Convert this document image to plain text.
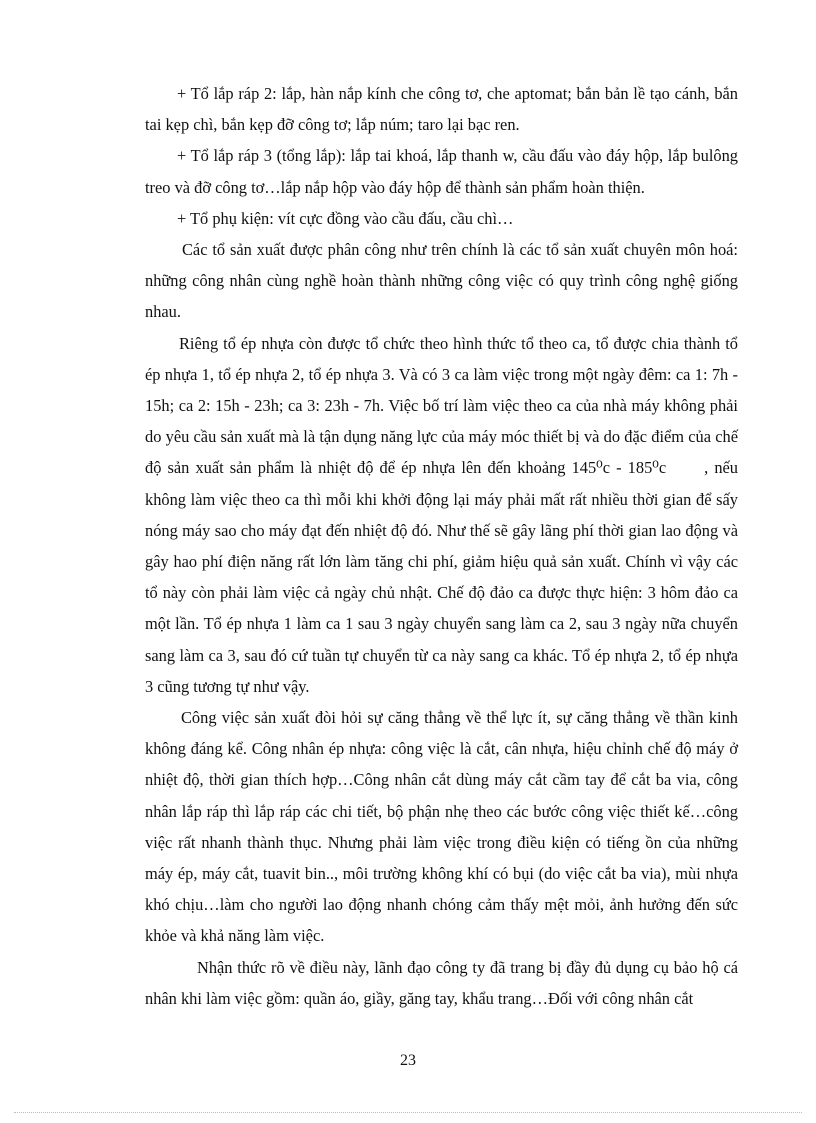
+ Tổ lắp ráp 2: lắp, hàn nắp kính che công tơ, che aptomat; bắn bản lề tạo cánh, bắn tai kẹp chì, bắn kẹp đỡ công tơ; lắp núm; taro lại bạc ren.

+ Tổ lắp ráp 3 (tổng lắp): lắp tai khoá, lắp thanh w, cầu đấu vào đáy hộp, lắp bulông treo và đỡ công tơ…lắp nắp hộp vào đáy hộp để thành sản phẩm hoàn thiện.

+ Tổ phụ kiện: vít cực đồng vào cầu đấu, cầu chì…

Các tổ sản xuất được phân công như trên chính là các tổ sản xuất chuyên môn hoá: những công nhân cùng nghề hoàn thành những công việc có quy trình công nghệ giống nhau.

Riêng tổ ép nhựa còn được tổ chức theo hình thức tổ theo ca, tổ được chia thành tổ ép nhựa 1, tổ ép nhựa 2, tổ ép nhựa 3. Và có 3 ca làm việc trong một ngày đêm: ca 1: 7h - 15h; ca 2: 15h - 23h; ca 3: 23h - 7h. Việc bố trí làm việc theo ca của nhà máy không phải do yêu cầu sản xuất mà là tận dụng năng lực của máy móc thiết bị và do đặc điểm của chế độ sản xuất sản phẩm là nhiệt độ để ép nhựa lên đến khoảng 145⁰c - 185⁰c , nếu không làm việc theo ca thì mỗi khi khởi động lại máy phải mất rất nhiều thời gian để sấy nóng máy sao cho máy đạt đến nhiệt độ đó. Như thế sẽ gây lãng phí thời gian lao động và gây hao phí điện năng rất lớn làm tăng chi phí, giảm hiệu quả sản xuất. Chính vì vậy các tổ này còn phải làm việc cả ngày chủ nhật. Chế độ đảo ca được thực hiện: 3 hôm đảo ca một lần. Tổ ép nhựa 1 làm ca 1 sau 3 ngày chuyển sang làm ca 2, sau 3 ngày nữa chuyển sang làm ca 3, sau đó cứ tuần tự chuyển từ ca này sang ca khác. Tổ ép nhựa 2, tổ ép nhựa 3 cũng tương tự như vậy.

Công việc sản xuất đòi hỏi sự căng thẳng về thể lực ít, sự căng thẳng về thần kinh không đáng kể. Công nhân ép nhựa: công việc là cắt, cân nhựa, hiệu chỉnh chế độ máy ở nhiệt độ, thời gian thích hợp…Công nhân cắt dùng máy cắt cầm tay để cắt ba via, công nhân lắp ráp thì lắp ráp các chi tiết, bộ phận nhẹ theo các bước công việc thiết kế…công việc rất nhanh thành thục. Nhưng phải làm việc trong điều kiện có tiếng ồn của những máy ép, máy cắt, tuavit bin.., môi trường không khí có bụi (do việc cắt ba via), mùi nhựa khó chịu…làm cho người lao động nhanh chóng cảm thấy mệt mỏi, ảnh hưởng đến sức khỏe và khả năng làm việc.

Nhận thức rõ về điều này, lãnh đạo công ty đã trang bị đầy đủ dụng cụ bảo hộ cá nhân khi làm việc gồm: quần áo, giầy, găng tay, khẩu trang…Đối với công nhân cắt

23
